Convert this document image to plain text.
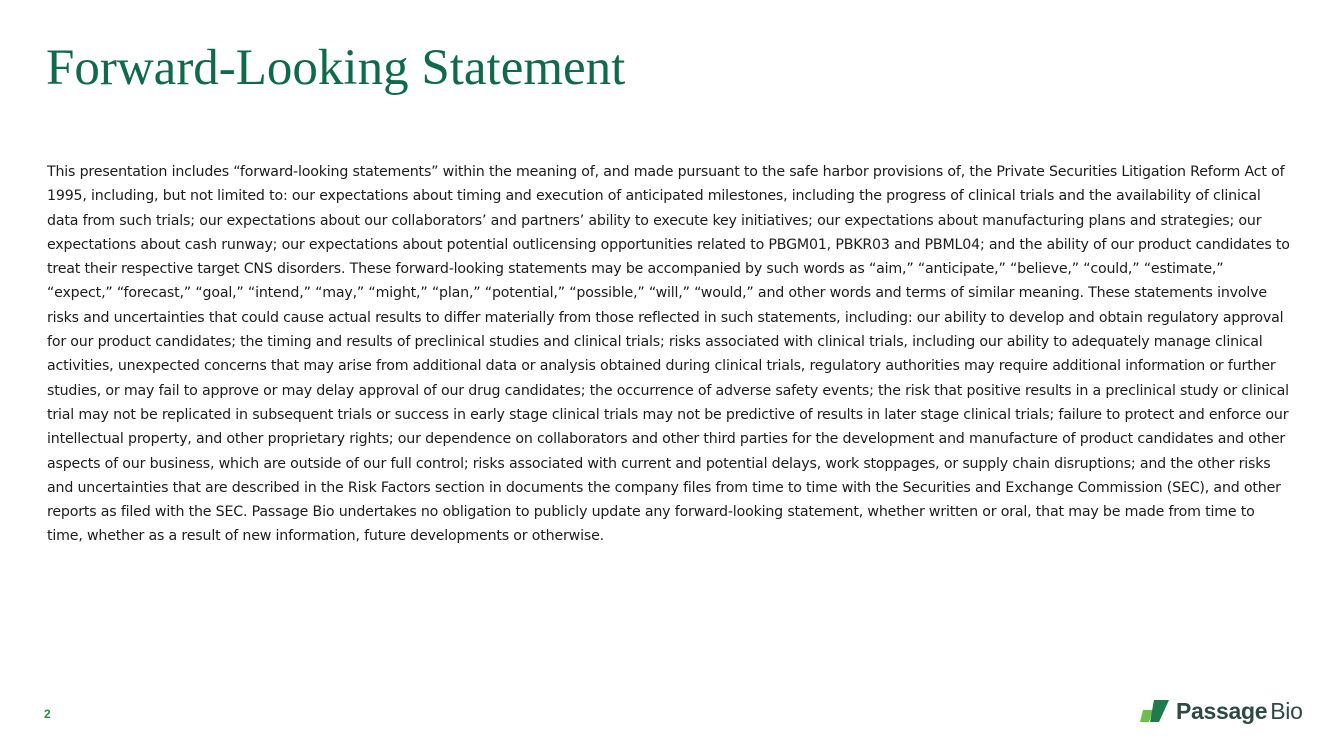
Forward-Looking Statement

This presentation includes “forward-looking statements” within the meaning of, and made pursuant to the safe harbor provisions of, the Private Securities Litigation Reform Act of 1995, including, but not limited to: our expectations about timing and execution of anticipated milestones, including the progress of clinical trials and the availability of clinical data from such trials; our expectations about our collaborators’ and partners’ ability to execute key initiatives; our expectations about manufacturing plans and strategies; our expectations about cash runway; our expectations about potential outlicensing opportunities related to PBGM01, PBKR03 and PBML04; and the ability of our product candidates to treat their respective target CNS disorders. These forward-looking statements may be accompanied by such words as “aim,” “anticipate,” “believe,” “could,” “estimate,” “expect,” “forecast,” “goal,” “intend,” “may,” “might,” “plan,” “potential,” “possible,” “will,” “would,” and other words and terms of similar meaning. These statements involve risks and uncertainties that could cause actual results to differ materially from those reflected in such statements, including: our ability to develop and obtain regulatory approval for our product candidates; the timing and results of preclinical studies and clinical trials; risks associated with clinical trials, including our ability to adequately manage clinical activities, unexpected concerns that may arise from additional data or analysis obtained during clinical trials, regulatory authorities may require additional information or further studies, or may fail to approve or may delay approval of our drug candidates; the occurrence of adverse safety events; the risk that positive results in a preclinical study or clinical trial may not be replicated in subsequent trials or success in early stage clinical trials may not be predictive of results in later stage clinical trials; failure to protect and enforce our intellectual property, and other proprietary rights; our dependence on collaborators and other third parties for the development and manufacture of product candidates and other aspects of our business, which are outside of our full control; risks associated with current and potential delays, work stoppages, or supply chain disruptions; and the other risks and uncertainties that are described in the Risk Factors section in documents the company files from time to time with the Securities and Exchange Commission (SEC), and other reports as filed with the SEC. Passage Bio undertakes no obligation to publicly update any forward-looking statement, whether written or oral, that may be made from time to time, whether as a result of new information, future developments or otherwise.

2	Passage Bio
